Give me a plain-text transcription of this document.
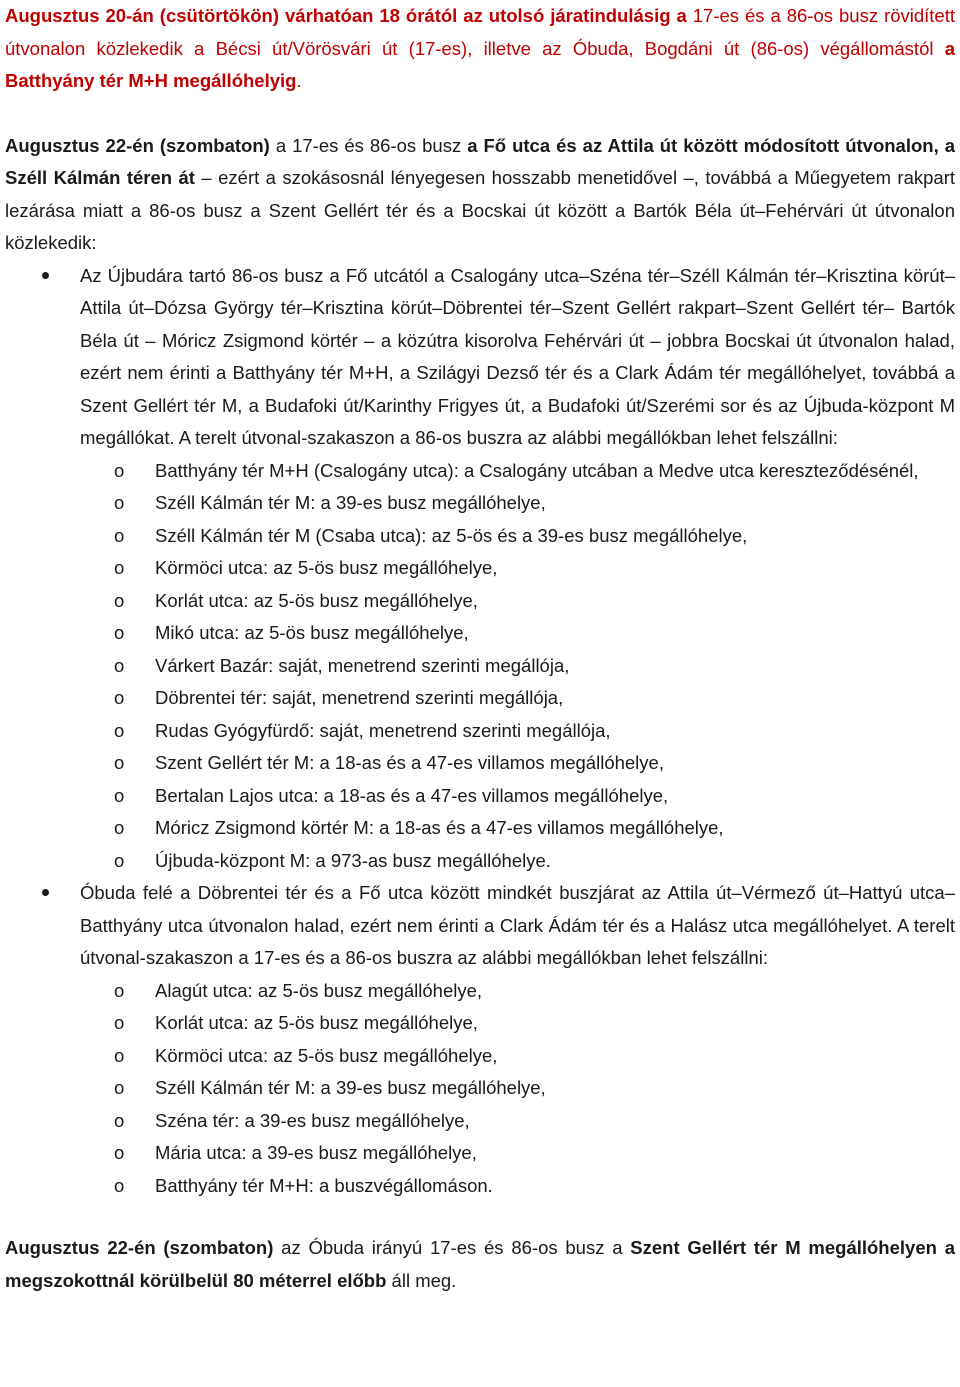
Augusztus 20-án (csütörtökön) várhatóan 18 órától az utolsó járatindulásig a 17-es és a 86-os busz rövidített útvonalon közlekedik a Bécsi út/Vörösvári út (17-es), illetve az Óbuda, Bogdáni út (86-os) végállomástól a Batthyány tér M+H megállóhelyig.

Augusztus 22-én (szombaton) a 17-es és 86-os busz a Fő utca és az Attila út között módosított útvonalon, a Széll Kálmán téren át – ezért a szokásosnál lényegesen hosszabb menetidővel –, továbbá a Műegyetem rakpart lezárása miatt a 86-os busz a Szent Gellért tér és a Bocskai út között a Bartók Béla út–Fehérvári út útvonalon közlekedik:

Az Újbudára tartó 86-os busz a Fő utcától a Csalogány utca–Széna tér–Széll Kálmán tér–Krisztina körút–Attila út–Dózsa György tér–Krisztina körút–Döbrentei tér–Szent Gellért rakpart–Szent Gellért tér– Bartók Béla út – Móricz Zsigmond körtér – a közútra kisorolva Fehérvári út – jobbra Bocskai út útvonalon halad, ezért nem érinti a Batthyány tér M+H, a Szilágyi Dezső tér és a Clark Ádám tér megállóhelyet, továbbá a Szent Gellért tér M, a Budafoki út/Karinthy Frigyes út, a Budafoki út/Szerémi sor és az Újbuda-központ M megállókat. A terelt útvonal-szakaszon a 86-os buszra az alábbi megállókban lehet felszállni:
o Batthyány tér M+H (Csalogány utca): a Csalogány utcában a Medve utca kereszteződésénél,
o Széll Kálmán tér M: a 39-es busz megállóhelye,
o Széll Kálmán tér M (Csaba utca): az 5-ös és a 39-es busz megállóhelye,
o Körmöci utca: az 5-ös busz megállóhelye,
o Korlát utca: az 5-ös busz megállóhelye,
o Mikó utca: az 5-ös busz megállóhelye,
o Várkert Bazár: saját, menetrend szerinti megállója,
o Döbrentei tér: saját, menetrend szerinti megállója,
o Rudas Gyógyfürdő: saját, menetrend szerinti megállója,
o Szent Gellért tér M: a 18-as és a 47-es villamos megállóhelye,
o Bertalan Lajos utca: a 18-as és a 47-es villamos megállóhelye,
o Móricz Zsigmond körtér M: a 18-as és a 47-es villamos megállóhelye,
o Újbuda-központ M: a 973-as busz megállóhelye.
Óbuda felé a Döbrentei tér és a Fő utca között mindkét buszjárat az Attila út–Vérmező út–Hattyú utca–Batthyány utca útvonalon halad, ezért nem érinti a Clark Ádám tér és a Halász utca megállóhelyet. A terelt útvonal-szakaszon a 17-es és a 86-os buszra az alábbi megállókban lehet felszállni:
o Alagút utca: az 5-ös busz megállóhelye,
o Korlát utca: az 5-ös busz megállóhelye,
o Körmöci utca: az 5-ös busz megállóhelye,
o Széll Kálmán tér M: a 39-es busz megállóhelye,
o Széna tér: a 39-es busz megállóhelye,
o Mária utca: a 39-es busz megállóhelye,
o Batthyány tér M+H: a buszvégállomáson.

Augusztus 22-én (szombaton) az Óbuda irányú 17-es és 86-os busz a Szent Gellért tér M megállóhelyen a megszokottnál körülbelül 80 méterrel előbb áll meg.
